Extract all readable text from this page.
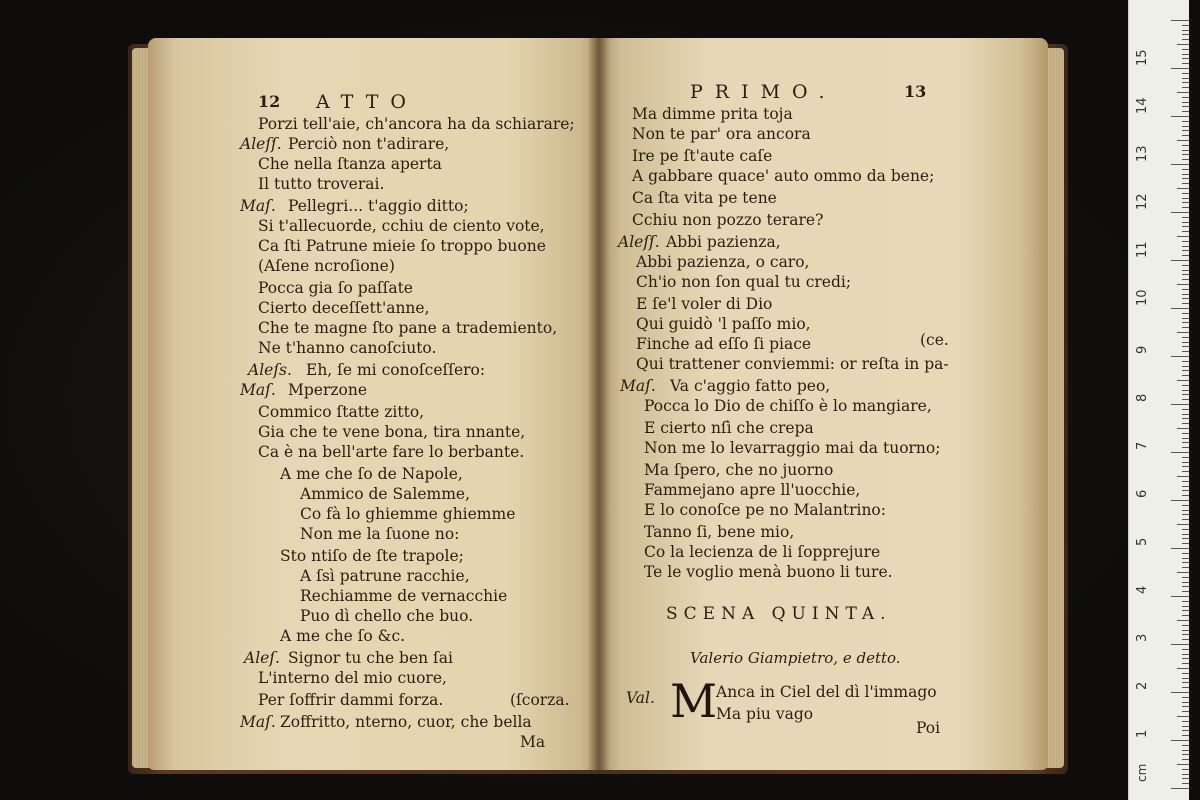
12 ATTO
Porzi tell'aie, ch'ancora ha da schiarare;
Aleſſ. Perciò non t'adirare,
Che nella ſtanza aperta
Il tutto troverai.
Maſ. Pellegri... t'aggio ditto;
Si t'allecuorde, cchiu de ciento vote,
Ca ſti Patrune mieie ſo troppo buone
(Aſene ncroſione)
Pocca gia ſo paſſate
Cierto deceſſett'anne,
Che te magne ſto pane a trademiento,
Ne t'hanno canoſciuto.
Aleſs. Eh, ſe mi conoſceſſero:
Maſ. Mperzone
Commico ſtatte zitto,
Gia che te vene bona, tira nnante,
Ca è na bell'arte fare lo berbante.
A me che ſo de Napole,
Ammico de Salemme,
Co fà lo ghiemme ghiemme
Non me la ſuone no:
Sto ntiſo de ſte trapole;
A ſsì patrune racchie,
Rechiamme de vernacchie
Puo dì chello che buo.
A me che ſo &c.
Aleſ. Signor tu che ben ſai
L'interno del mio cuore,
Per ſoffrir dammi forza.	(ſcorza.
Maſ. Zoffritto, nterno, cuor, che bella
Ma
PRIMO.	13
Ma dimme prita toja
Non te par' ora ancora
Ire pe ſt'aute caſe
A gabbare quace' auto ommo da bene;
Ca ſta vita pe tene
Cchiu non pozzo terare?
Aleſſ. Abbi pazienza,
Abbi pazienza, o caro,
Ch'io non ſon qual tu credi;
E ſe'l voler di Dio
Qui guidò 'l paſſo mio,
Finche ad eſſo ſi piace	(ce.
Qui trattener conviemmi: or reſta in pa-
Maſ. Va c'aggio fatto peo,
Pocca lo Dio de chiſſo è lo mangiare,
E cierto nſì che crepa
Non me lo levarraggio mai da tuorno;
Ma ſpero, che no juorno
Fammejano apre ll'uocchie,
E lo conoſce pe no Malantrino:
Tanno ſi, bene mio,
Co la lecienza de li ſopprejure
Te le voglio menà buono li ture.
SCENA QUINTA.
Valerio Giampietro, e detto.
Val. M
Anca in Ciel del dì l'immago
Ma piu vago
Poi
cm
1
2
3
4
5
6
7
8
9
10
11
12
13
14
15
